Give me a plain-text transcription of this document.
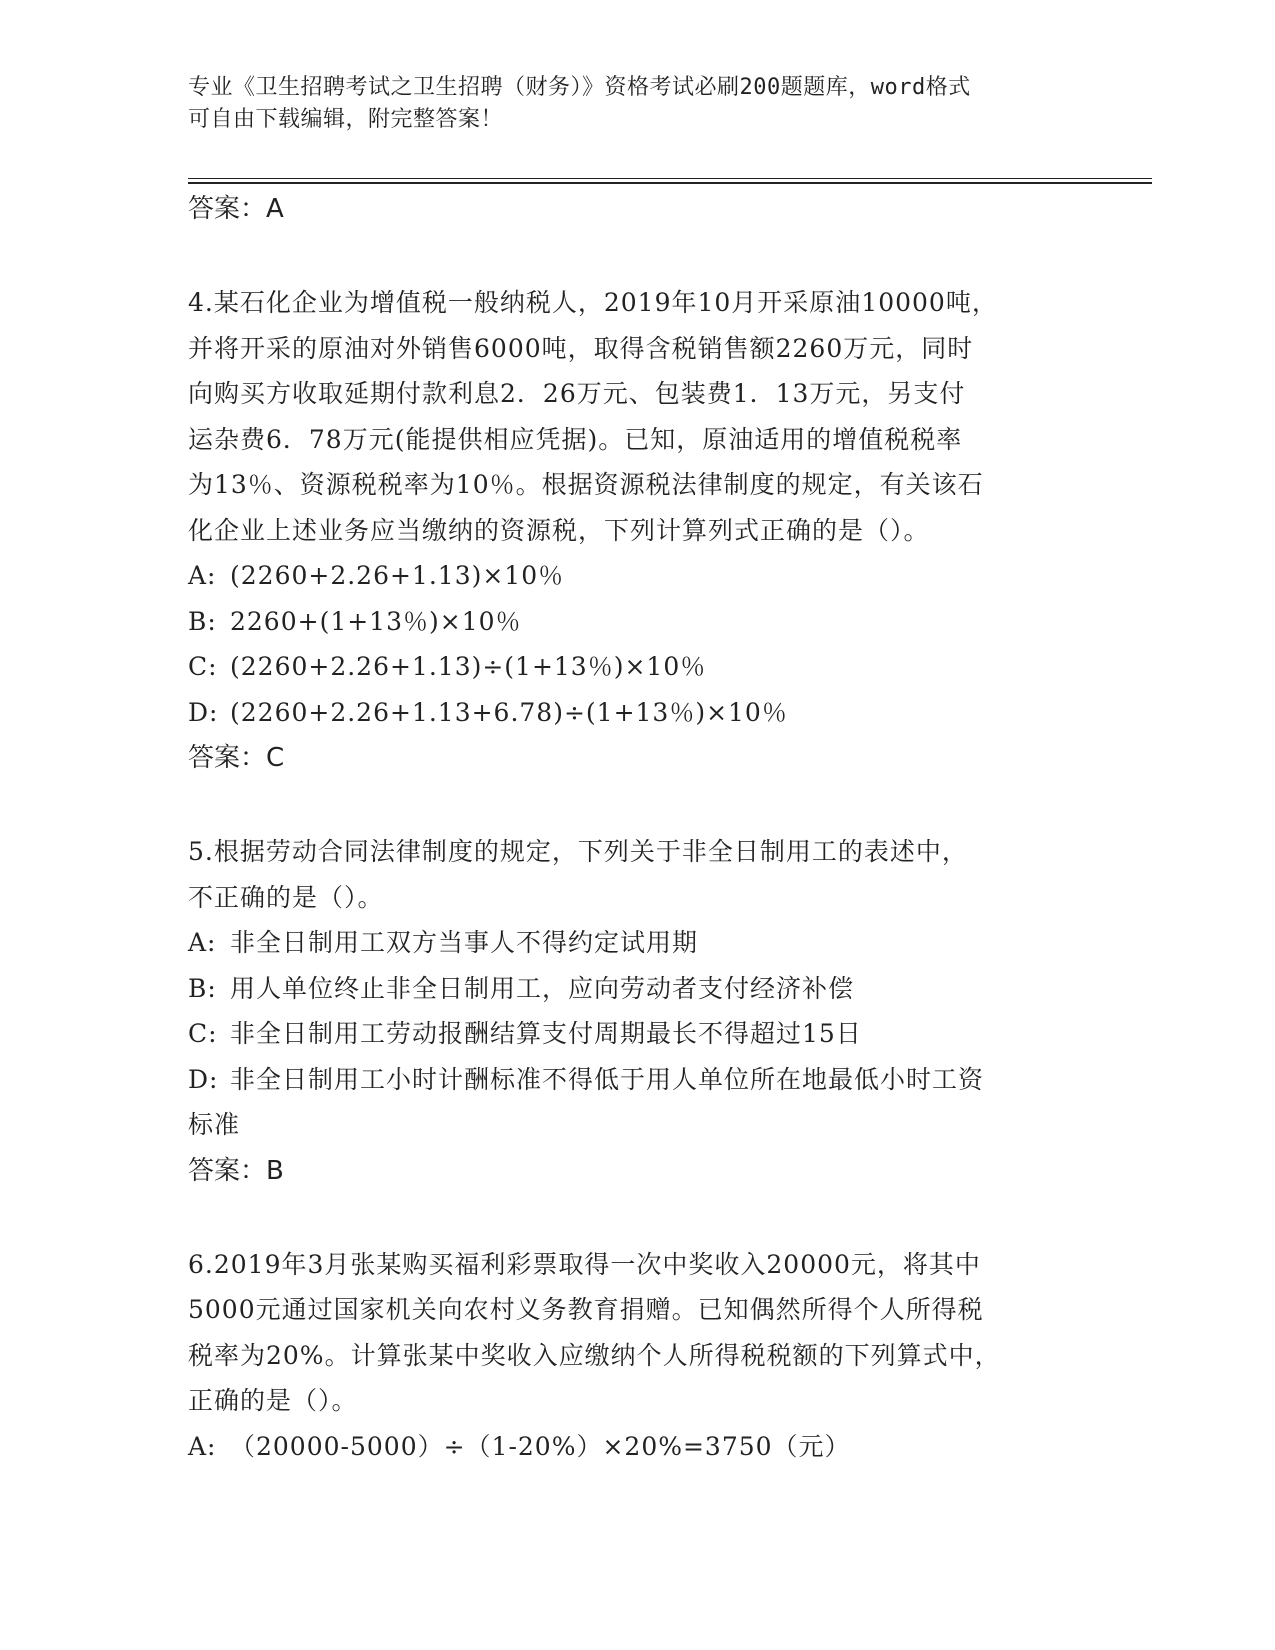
专业《卫生招聘考试之卫生招聘（财务）》资格考试必刷200题题库，word格式
可自由下载编辑，附完整答案！
答案：A
4.某石化企业为增值税一般纳税人，2019年10月开采原油10000吨，
并将开采的原油对外销售6000吨，取得含税销售额2260万元，同时
向购买方收取延期付款利息2．26万元、包装费1．13万元，另支付
运杂费6．78万元(能提供相应凭据)。已知，原油适用的增值税税率
为13％、资源税税率为10％。根据资源税法律制度的规定，有关该石
化企业上述业务应当缴纳的资源税，下列计算列式正确的是（）。
A: (2260+2.26+1.13)×10％
B: 2260+(1+13％)×10％
C: (2260+2.26+1.13)÷(1+13％)×10％
D: (2260+2.26+1.13+6.78)÷(1+13％)×10％
答案：C
5.根据劳动合同法律制度的规定，下列关于非全日制用工的表述中，
不正确的是（）。
A: 非全日制用工双方当事人不得约定试用期
B: 用人单位终止非全日制用工，应向劳动者支付经济补偿
C: 非全日制用工劳动报酬结算支付周期最长不得超过15日
D: 非全日制用工小时计酬标准不得低于用人单位所在地最低小时工资
标准
答案：B
6.2019年3月张某购买福利彩票取得一次中奖收入20000元，将其中
5000元通过国家机关向农村义务教育捐赠。已知偶然所得个人所得税
税率为20%。计算张某中奖收入应缴纳个人所得税税额的下列算式中，
正确的是（）。
A: （20000-5000）÷（1-20%）×20%=3750（元）
